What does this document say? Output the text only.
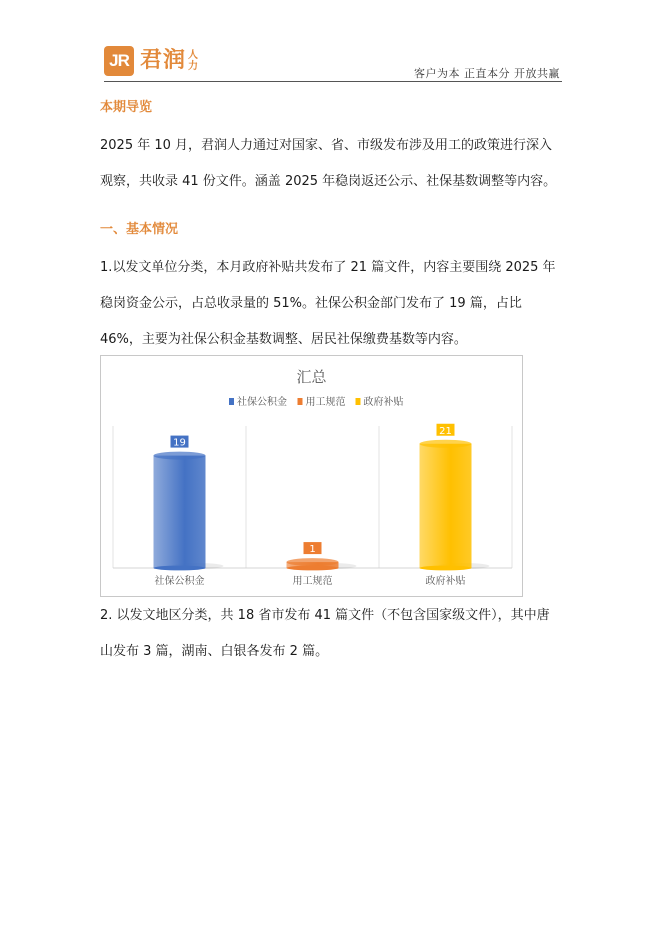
JR 君润 人力
客户为本 正直本分 开放共赢
本期导览
2025 年 10 月，君润人力通过对国家、省、市级发布涉及用工的政策进行深入观察，共收录 41 份文件。涵盖 2025 年稳岗返还公示、社保基数调整等内容。
一、基本情况
1.以发文单位分类，本月政府补贴共发布了 21 篇文件，内容主要围绕 2025 年稳岗资金公示，占总收录量的 51%。社保公积金部门发布了 19 篇，占比 46%，主要为社保公积金基数调整、居民社保缴费基数等内容。
汇总
社保公积金 用工规范 政府补贴
19
社保公积金
1
用工规范
21
政府补贴
2. 以发文地区分类，共 18 省市发布 41 篇文件（不包含国家级文件），其中唐山发布 3 篇，湖南、白银各发布 2 篇。
